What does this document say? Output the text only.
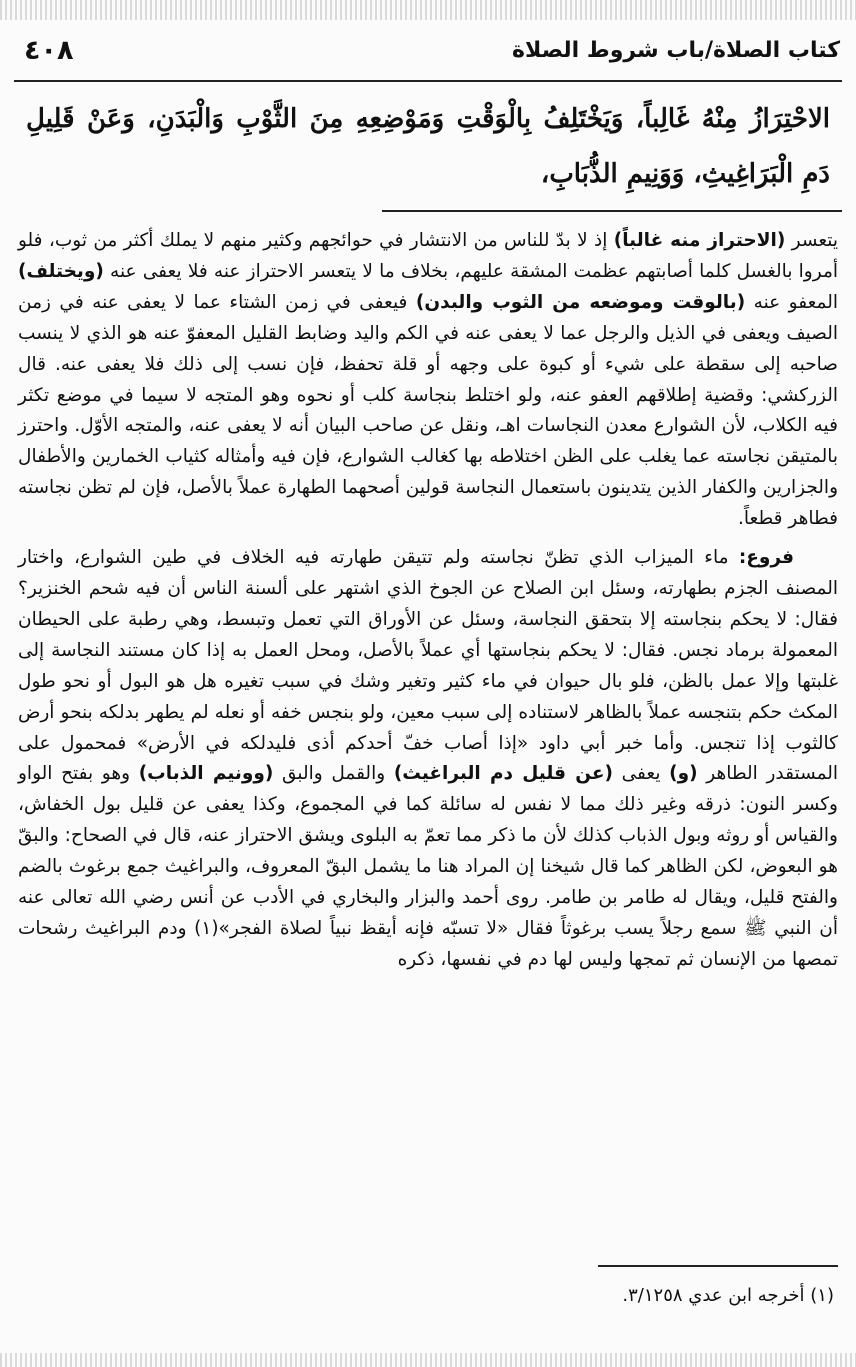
كتاب الصلاة/باب شروط الصلاة
٤٠٨
الاحْتِرَازُ مِنْهُ غَالِباً، وَيَخْتَلِفُ بِالْوَقْتِ وَمَوْضِعِهِ مِنَ الثَّوْبِ وَالْبَدَنِ، وَعَنْ قَلِيلِ دَمِ الْبَرَاغِيثِ، وَوَنِيمِ الذُّبَابِ،

يتعسر (الاحتراز منه غالباً) إذ لا بدّ للناس من الانتشار في حوائجهم وكثير منهم لا يملك أكثر من ثوب، فلو أمروا بالغسل كلما أصابتهم عظمت المشقة عليهم، بخلاف ما لا يتعسر الاحتراز عنه فلا يعفى عنه (ويختلف) المعفو عنه (بالوقت وموضعه من الثوب والبدن) فيعفى في زمن الشتاء عما لا يعفى عنه في زمن الصيف ويعفى في الذيل والرجل عما لا يعفى عنه في الكم واليد وضابط القليل المعفوّ عنه هو الذي لا ينسب صاحبه إلى سقطة على شيء أو كبوة على وجهه أو قلة تحفظ، فإن نسب إلى ذلك فلا يعفى عنه. قال الزركشي: وقضية إطلاقهم العفو عنه، ولو اختلط بنجاسة كلب أو نحوه وهو المتجه لا سيما في موضع تكثر فيه الكلاب، لأن الشوارع معدن النجاسات اهـ، ونقل عن صاحب البيان أنه لا يعفى عنه، والمتجه الأوّل. واحترز بالمتيقن نجاسته عما يغلب على الظن اختلاطه بها كغالب الشوارع، فإن فيه وأمثاله كثياب الخمارين والأطفال والجزارين والكفار الذين يتدينون باستعمال النجاسة قولين أصحهما الطهارة عملاً بالأصل، فإن لم تظن نجاسته فطاهر قطعاً.

فروع: ماء الميزاب الذي تظنّ نجاسته ولم تتيقن طهارته فيه الخلاف في طين الشوارع، واختار المصنف الجزم بطهارته، وسئل ابن الصلاح عن الجوخ الذي اشتهر على ألسنة الناس أن فيه شحم الخنزير؟ فقال: لا يحكم بنجاسته إلا بتحقق النجاسة، وسئل عن الأوراق التي تعمل وتبسط، وهي رطبة على الحيطان المعمولة برماد نجس. فقال: لا يحكم بنجاستها أي عملاً بالأصل، ومحل العمل به إذا كان مستند النجاسة إلى غلبتها وإلا عمل بالظن، فلو بال حيوان في ماء كثير وتغير وشك في سبب تغيره هل هو البول أو نحو طول المكث حكم بتنجسه عملاً بالظاهر لاستناده إلى سبب معين، ولو بنجس خفه أو نعله لم يطهر بدلكه بنحو أرض كالثوب إذا تنجس. وأما خبر أبي داود «إذا أصاب خفّ أحدكم أذى فليدلكه في الأرض» فمحمول على المستقدر الطاهر (و) يعفى (عن قليل دم البراغيث) والقمل والبق (وونيم الذباب) وهو بفتح الواو وكسر النون: ذرقه وغير ذلك مما لا نفس له سائلة كما في المجموع، وكذا يعفى عن قليل بول الخفاش، والقياس أو روثه وبول الذباب كذلك لأن ما ذكر مما تعمّ به البلوى ويشق الاحتراز عنه، قال في الصحاح: والبقّ هو البعوض، لكن الظاهر كما قال شيخنا إن المراد هنا ما يشمل البقّ المعروف، والبراغيث جمع برغوث بالضم والفتح قليل، ويقال له طامر بن طامر. روى أحمد والبزار والبخاري في الأدب عن أنس رضي الله تعالى عنه أن النبي ﷺ سمع رجلاً يسب برغوثاً فقال «لا تسبّه فإنه أيقظ نبياً لصلاة الفجر»(١) ودم البراغيث رشحات تمصها من الإنسان ثم تمجها وليس لها دم في نفسها، ذكره

(١) أخرجه ابن عدي ٣/١٢٥٨.
